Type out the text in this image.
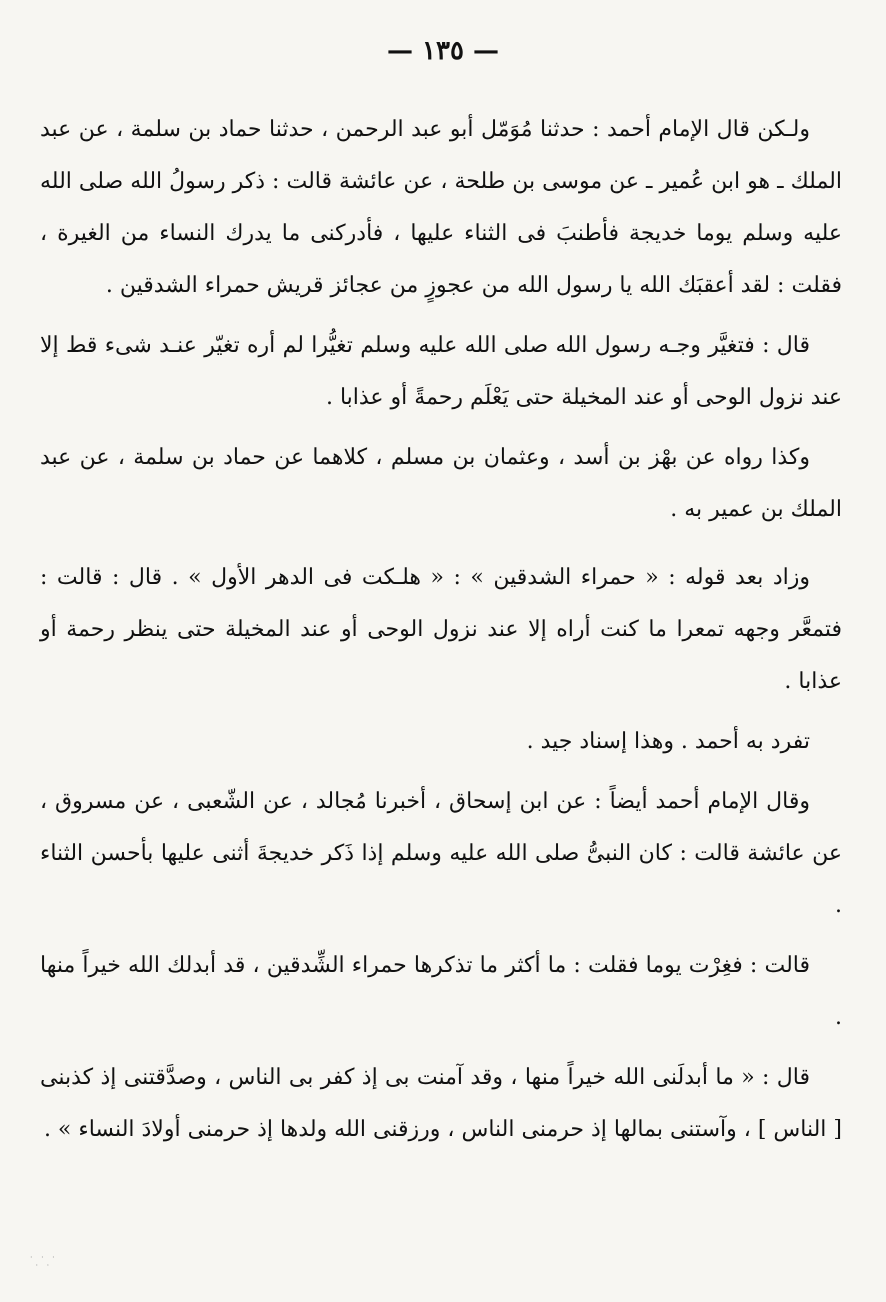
— ١٣٥ —

ولـكن قال الإمام أحمد : حدثنا مُوَمّل أبو عبد الرحمن ، حدثنا حماد بن سلمة ، عن عبد الملك ـ هو ابن عُمير ـ عن موسى بن طلحة ، عن عائشة قالت : ذكر رسولُ الله صلى الله عليه وسلم يوما خديجة فأطنبَ فى الثناء عليها ، فأدركنى ما يدرك النساء من الغيرة ، فقلت : لقد أعقبَك الله يا رسول الله من عجوزٍ من عجائز قريش حمراء الشدقين .

قال : فتغيَّر وجـه رسول الله صلى الله عليه وسلم تغيُّرا لم أره تغيّر عنـد شىء قط إلا عند نزول الوحى أو عند المخيلة حتى يَعْلَم رحمةً أو عذابا .

وكذا رواه عن بهْز بن أسد ، وعثمان بن مسلم ، كلاهما عن حماد بن سلمة ، عن عبد الملك بن عمير به .

وزاد بعد قوله : « حمراء الشدقين » : « هلـكت فى الدهر الأول » . قال : قالت : فتمعَّر وجهه تمعرا ما كنت أراه إلا عند نزول الوحى أو عند المخيلة حتى ينظر رحمة أو عذابا .

تفرد به أحمد . وهذا إسناد جيد .

وقال الإمام أحمد أيضاً : عن ابن إسحاق ، أخبرنا مُجالد ، عن الشّعبى ، عن مسروق ، عن عائشة قالت : كان النبىُّ صلى الله عليه وسلم إذا ذَكر خديجةَ أثنى عليها بأحسن الثناء .

قالت : فغِرْت يوما فقلت : ما أكثر ما تذكرها حمراء الشِّدقين ، قد أبدلك الله خيراً منها .

قال : « ما أبدلَنى الله خيراً منها ، وقد آمنت بى إذ كفر بى الناس ، وصدَّقتنى إذ كذبنى [ الناس ] ، وآستنى بمالها إذ حرمنى الناس ، ورزقنى الله ولدها إذ حرمنى أولادَ النساء » .

· · ·
· ·
